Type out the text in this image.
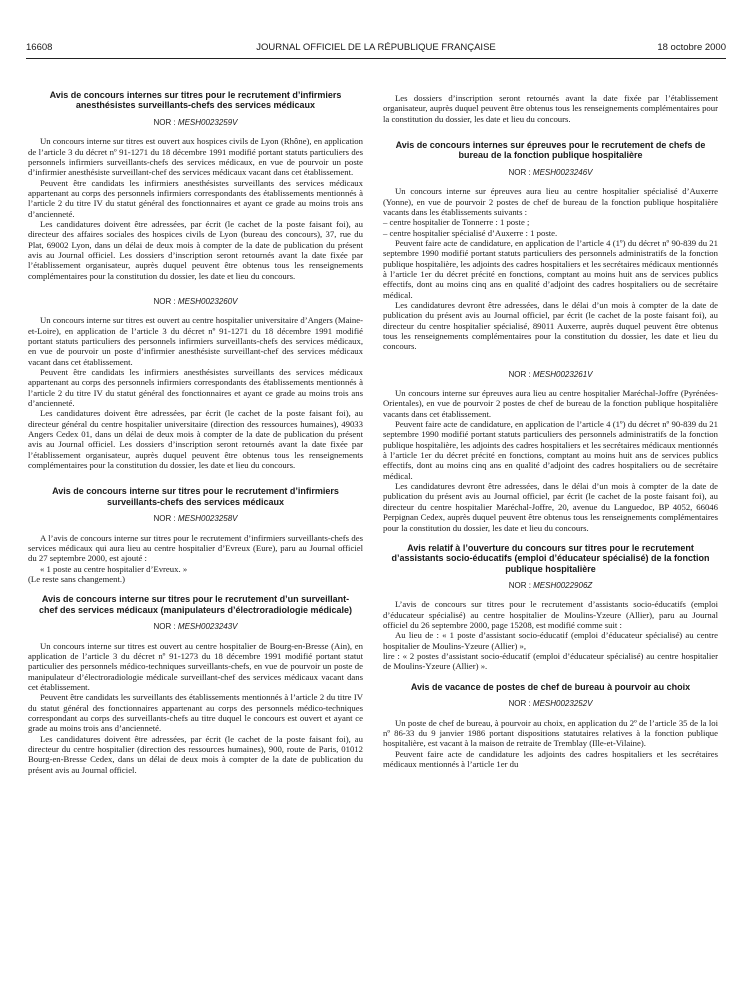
16608	JOURNAL OFFICIEL DE LA RÉPUBLIQUE FRANÇAISE	18 octobre 2000
Avis de concours internes sur titres pour le recrutement d’infirmiers anesthésistes surveillants-chefs des services médicaux
NOR : MESH0023259V

Un concours interne sur titres est ouvert aux hospices civils de Lyon (Rhône), en application de l’article 3 du décret nº 91-1271 du 18 décembre 1991 modifié portant statuts particuliers des personnels infirmiers surveillants-chefs des services médicaux, en vue de pourvoir un poste d’infirmier anesthésiste surveillant-chef des services médicaux vacant dans cet établissement.

Peuvent être candidats les infirmiers anesthésistes surveillants des services médicaux appartenant au corps des personnels infirmiers correspondants des établissements mentionnés à l’article 2 du titre IV du statut général des fonctionnaires et ayant ce grade au moins trois ans d’ancienneté.

Les candidatures doivent être adressées, par écrit (le cachet de la poste faisant foi), au directeur des affaires sociales des hospices civils de Lyon (bureau des concours), 37, rue du Plat, 69002 Lyon, dans un délai de deux mois à compter de la date de publication du présent avis au Journal officiel. Les dossiers d’inscription seront retournés avant la date fixée par l’établissement organisateur, auprès duquel peuvent être obtenus tous les renseignements complémentaires pour la constitution du dossier, les date et lieu du concours.

NOR : MESH0023260V

Un concours interne sur titres est ouvert au centre hospitalier universitaire d’Angers (Maine-et-Loire), en application de l’article 3 du décret nº 91-1271 du 18 décembre 1991 modifié portant statuts particuliers des personnels infirmiers surveillants-chefs des services médicaux, en vue de pourvoir un poste d’infirmier anesthésiste surveillant-chef des services médicaux vacant dans cet établissement.

Peuvent être candidats les infirmiers anesthésistes surveillants des services médicaux appartenant au corps des personnels infirmiers correspondants des établissements mentionnés à l’article 2 du titre IV du statut général des fonctionnaires et ayant ce grade au moins trois ans d’ancienneté.

Les candidatures doivent être adressées, par écrit (le cachet de la poste faisant foi), au directeur général du centre hospitalier universitaire (direction des ressources humaines), 49033 Angers Cedex 01, dans un délai de deux mois à compter de la date de publication du présent avis au Journal officiel. Les dossiers d’inscription seront retournés avant la date fixée par l’établissement organisateur, auprès duquel peuvent être obtenus tous les renseignements complémentaires pour la constitution du dossier, les date et lieu du concours.

Avis de concours interne sur titres pour le recrutement d’infirmiers surveillants-chefs des services médicaux
NOR : MESH0023258V

A l’avis de concours interne sur titres pour le recrutement d’infirmiers surveillants-chefs des services médicaux qui aura lieu au centre hospitalier d’Evreux (Eure), paru au Journal officiel du 27 septembre 2000, est ajouté :

« 1 poste au centre hospitalier d’Evreux. »

(Le reste sans changement.)

Avis de concours interne sur titres pour le recrutement d’un surveillant-chef des services médicaux (manipulateurs d’électroradiologie médicale)
NOR : MESH0023243V

Un concours interne sur titres est ouvert au centre hospitalier de Bourg-en-Bresse (Ain), en application de l’article 3 du décret nº 91-1273 du 18 décembre 1991 modifié portant statut particulier des personnels médico-techniques surveillants-chefs, en vue de pourvoir un poste de manipulateur d’électroradiologie médicale surveillant-chef des services médicaux vacant dans cet établissement.

Peuvent être candidats les surveillants des établissements mentionnés à l’article 2 du titre IV du statut général des fonctionnaires appartenant au corps des personnels médico-techniques correspondant au corps des surveillants-chefs au titre duquel le concours est ouvert et ayant ce grade au moins trois ans d’ancienneté.

Les candidatures doivent être adressées, par écrit (le cachet de la poste faisant foi), au directeur du centre hospitalier (direction des ressources humaines), 900, route de Paris, 01012 Bourg-en-Bresse Cedex, dans un délai de deux mois à compter de la date de publication du présent avis au Journal officiel.

Les dossiers d’inscription seront retournés avant la date fixée par l’établissement organisateur, auprès duquel peuvent être obtenus tous les renseignements complémentaires pour la constitution du dossier, les date et lieu du concours.

Avis de concours internes sur épreuves pour le recrutement de chefs de bureau de la fonction publique hospitalière
NOR : MESH0023246V

Un concours interne sur épreuves aura lieu au centre hospitalier spécialisé d’Auxerre (Yonne), en vue de pourvoir 2 postes de chef de bureau de la fonction publique hospitalière vacants dans les établissements suivants :

– centre hospitalier de Tonnerre : 1 poste ;

– centre hospitalier spécialisé d’Auxerre : 1 poste.

Peuvent faire acte de candidature, en application de l’article 4 (1º) du décret nº 90-839 du 21 septembre 1990 modifié portant statuts particuliers des personnels administratifs de la fonction publique hospitalière, les adjoints des cadres hospitaliers et les secrétaires médicaux mentionnés à l’article 1er du décret précité en fonctions, comptant au moins huit ans de services publics effectifs, dont au moins cinq ans en qualité d’adjoint des cadres hospitaliers ou de secrétaire médical.

Les candidatures devront être adressées, dans le délai d’un mois à compter de la date de publication du présent avis au Journal officiel, par écrit (le cachet de la poste faisant foi), au directeur du centre hospitalier spécialisé, 89011 Auxerre, auprès duquel peuvent être obtenus tous les renseignements complémentaires pour la constitution du dossier, les date et lieu du concours.

NOR : MESH0023261V

Un concours interne sur épreuves aura lieu au centre hospitalier Maréchal-Joffre (Pyrénées-Orientales), en vue de pourvoir 2 postes de chef de bureau de la fonction publique hospitalière vacants dans cet établissement.

Peuvent faire acte de candidature, en application de l’article 4 (1º) du décret nº 90-839 du 21 septembre 1990 modifié portant statuts particuliers des personnels administratifs de la fonction publique hospitalière, les adjoints des cadres hospitaliers et les secrétaires médicaux mentionnés à l’article 1er du décret précité en fonctions, comptant au moins huit ans de services publics effectifs, dont au moins cinq ans en qualité d’adjoint des cadres hospitaliers ou de secrétaire médical.

Les candidatures devront être adressées, dans le délai d’un mois à compter de la date de publication du présent avis au Journal officiel, par écrit (le cachet de la poste faisant foi), au directeur du centre hospitalier Maréchal-Joffre, 20, avenue du Languedoc, BP 4052, 66046 Perpignan Cedex, auprès duquel peuvent être obtenus tous les renseignements complémentaires pour la constitution du dossier, les date et lieu du concours.

Avis relatif à l’ouverture du concours sur titres pour le recrutement d’assistants socio-éducatifs (emploi d’éducateur spécialisé) de la fonction publique hospitalière
NOR : MESH0022906Z

L’avis de concours sur titres pour le recrutement d’assistants socio-éducatifs (emploi d’éducateur spécialisé) au centre hospitalier de Moulins-Yzeure (Allier), paru au Journal officiel du 26 septembre 2000, page 15208, est modifié comme suit :

Au lieu de : « 1 poste d’assistant socio-éducatif (emploi d’éducateur spécialisé) au centre hospitalier de Moulins-Yzeure (Allier) »,

lire : « 2 postes d’assistant socio-éducatif (emploi d’éducateur spécialisé) au centre hospitalier de Moulins-Yzeure (Allier) ».

Avis de vacance de postes de chef de bureau à pourvoir au choix
NOR : MESH0023252V

Un poste de chef de bureau, à pourvoir au choix, en application du 2º de l’article 35 de la loi nº 86-33 du 9 janvier 1986 portant dispositions statutaires relatives à la fonction publique hospitalière, est vacant à la maison de retraite de Tremblay (Ille-et-Vilaine).

Peuvent faire acte de candidature les adjoints des cadres hospitaliers et les secrétaires médicaux mentionnés à l’article 1er du
